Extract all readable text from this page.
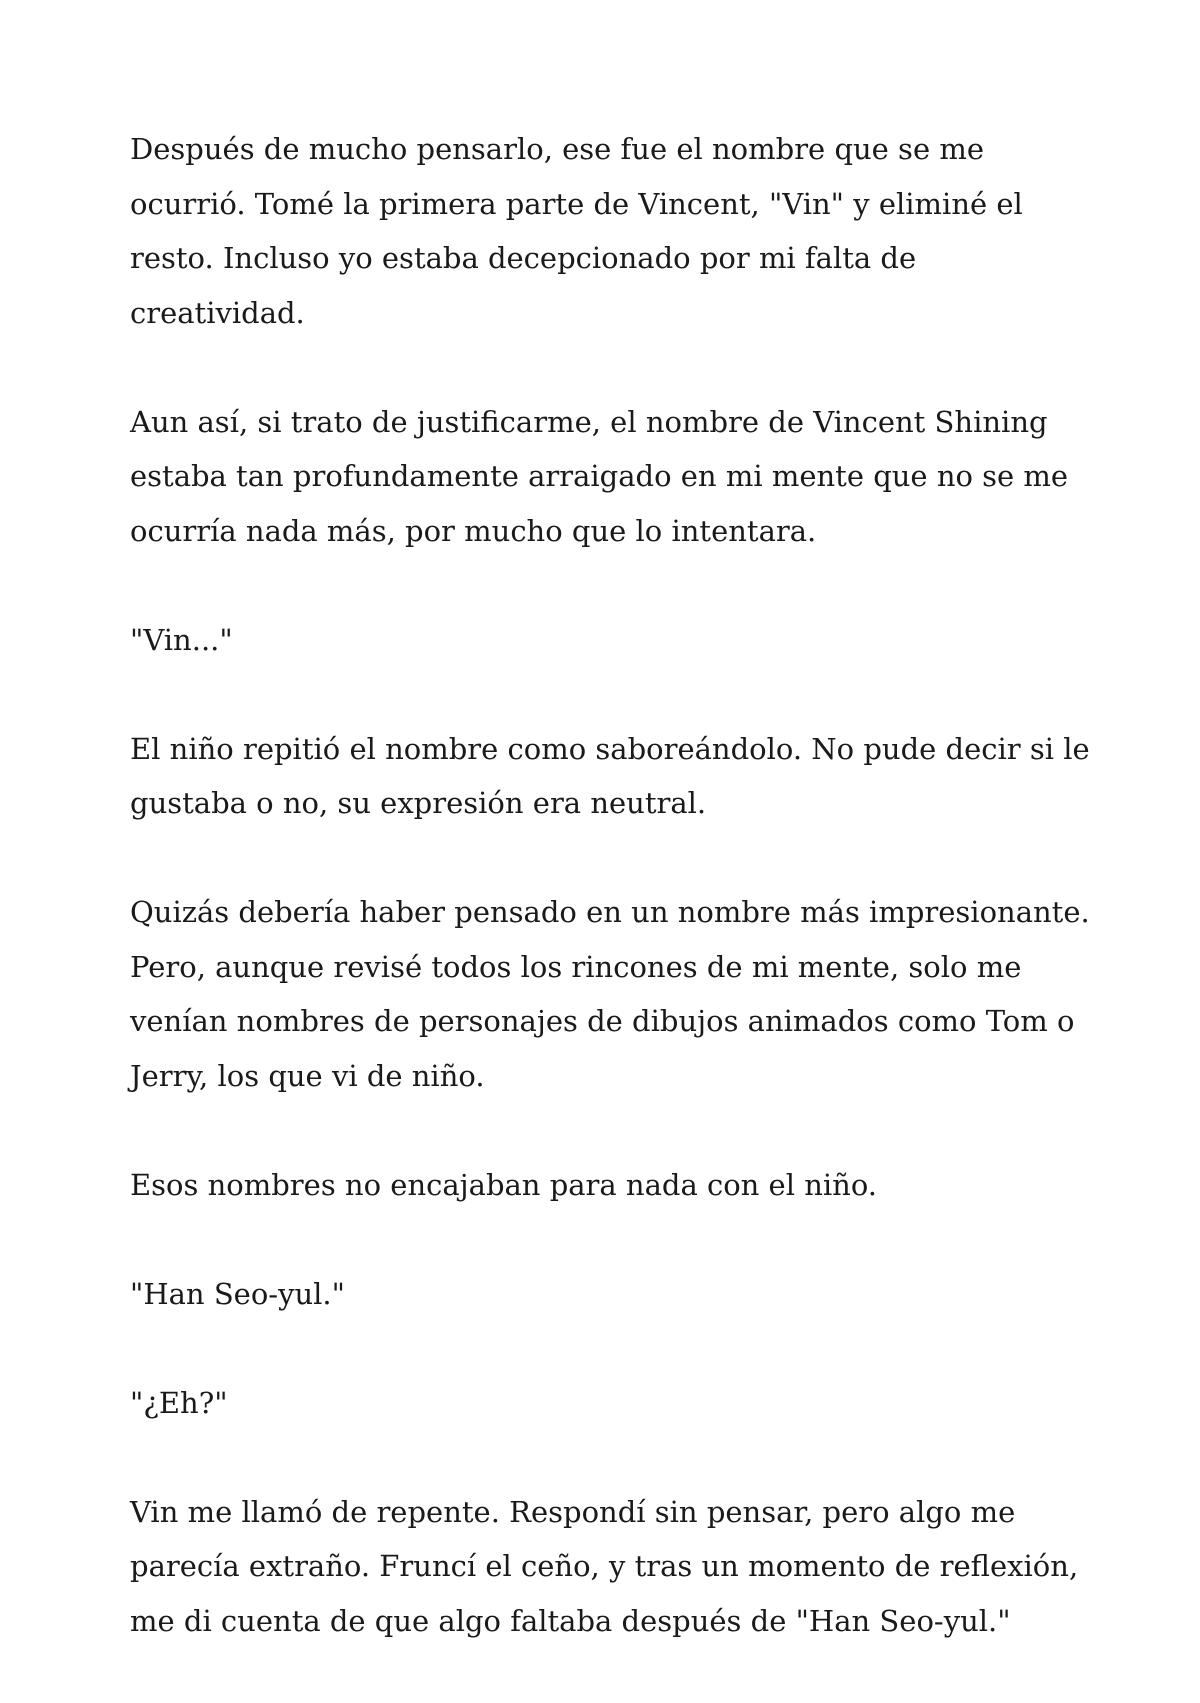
Después de mucho pensarlo, ese fue el nombre que se me ocurrió. Tomé la primera parte de Vincent, "Vin" y eliminé el resto. Incluso yo estaba decepcionado por mi falta de creatividad.

Aun así, si trato de justificarme, el nombre de Vincent Shining estaba tan profundamente arraigado en mi mente que no se me ocurría nada más, por mucho que lo intentara.

"Vin..."

El niño repitió el nombre como saboreándolo. No pude decir si le gustaba o no, su expresión era neutral.

Quizás debería haber pensado en un nombre más impresionante. Pero, aunque revisé todos los rincones de mi mente, solo me venían nombres de personajes de dibujos animados como Tom o Jerry, los que vi de niño.

Esos nombres no encajaban para nada con el niño.

"Han Seo-yul."

"¿Eh?"

Vin me llamó de repente. Respondí sin pensar, pero algo me parecía extraño. Fruncí el ceño, y tras un momento de reflexión, me di cuenta de que algo faltaba después de "Han Seo-yul."
